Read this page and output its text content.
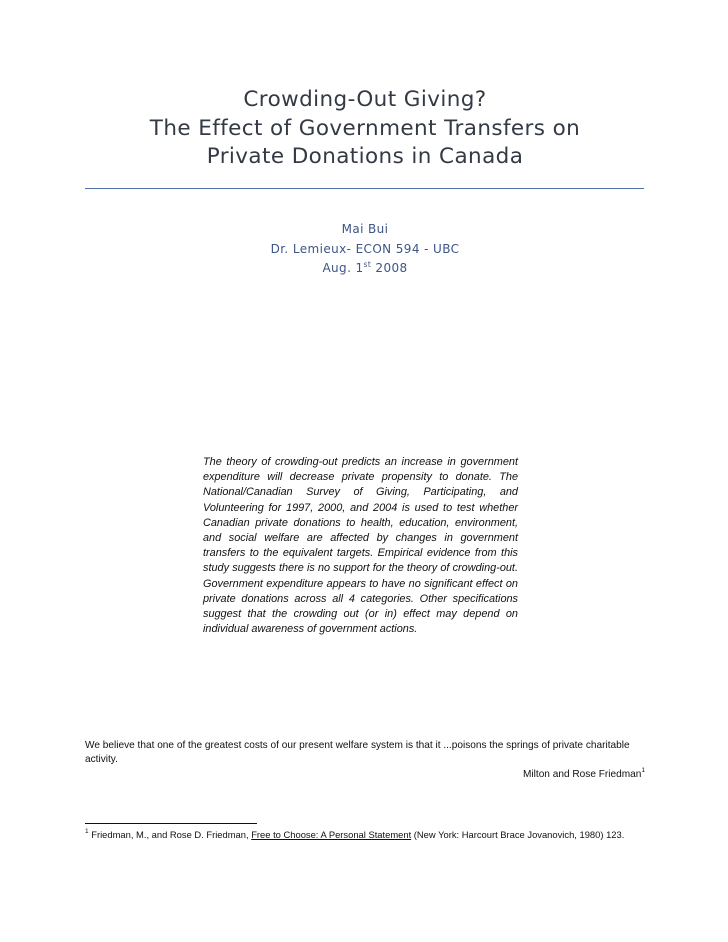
Crowding-Out Giving?
The Effect of Government Transfers on
Private Donations in Canada
Mai Bui
Dr. Lemieux- ECON 594 - UBC
Aug. 1st 2008
The theory of crowding-out predicts an increase in government expenditure will decrease private propensity to donate. The National/Canadian Survey of Giving, Participating, and Volunteering for 1997, 2000, and 2004 is used to test whether Canadian private donations to health, education, environment, and social welfare are affected by changes in government transfers to the equivalent targets. Empirical evidence from this study suggests there is no support for the theory of crowding-out. Government expenditure appears to have no significant effect on private donations across all 4 categories. Other specifications suggest that the crowding out (or in) effect may depend on individual awareness of government actions.

We believe that one of the greatest costs of our present welfare system is that it ...poisons the springs of private charitable activity.

Milton and Rose Friedman$^1$
$^1$ Friedman, M., and Rose D. Friedman, Free to Choose: A Personal Statement (New York: Harcourt Brace Jovanovich, 1980) 123.
